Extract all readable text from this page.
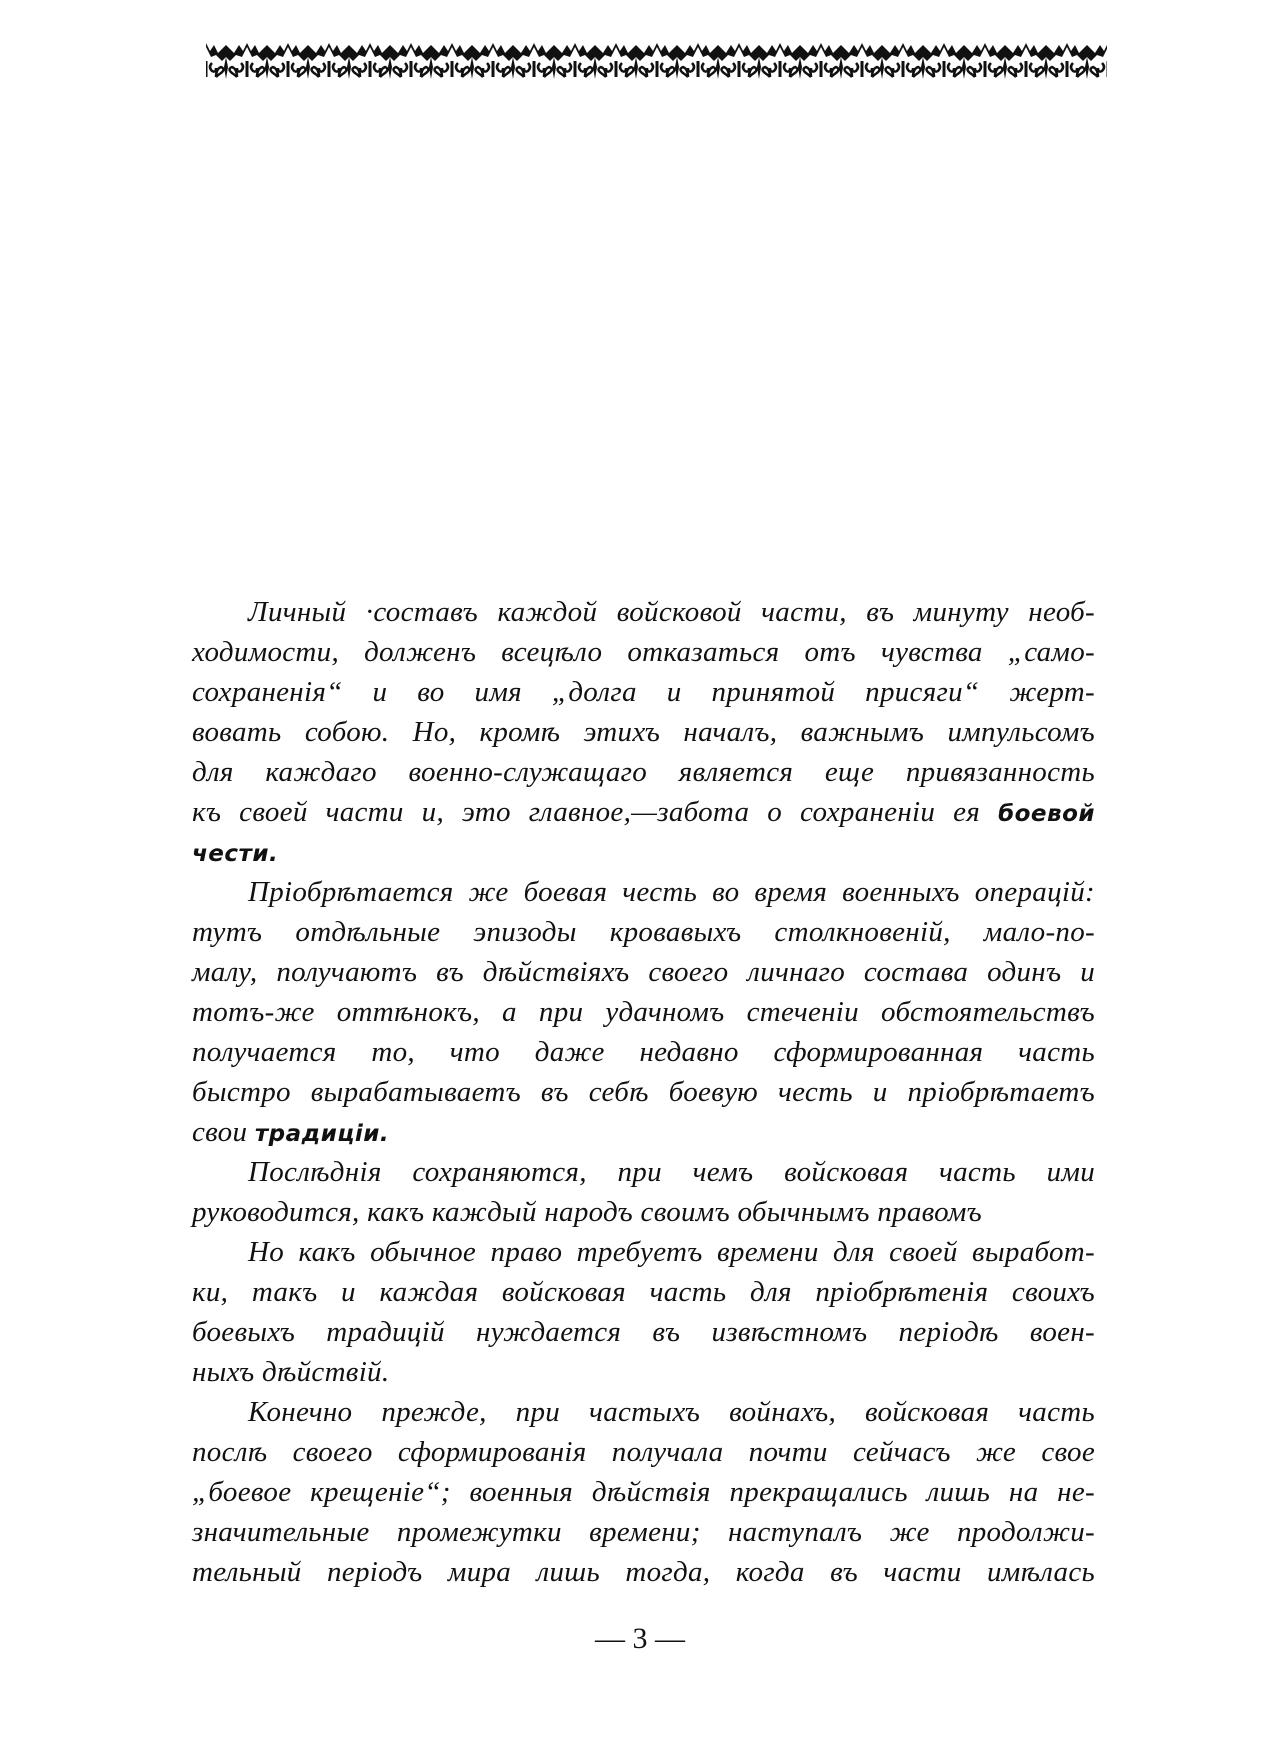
Личный ·составъ каждой войсковой части, въ минуту необ-
ходимости, долженъ всецѣло отказаться отъ чувства „само-
сохраненія“ и во имя „долга и принятой присяги“ жерт-
вовать собою. Но, кромѣ этихъ началъ, важнымъ импульсомъ
для каждаго военно-служащаго является еще привязанность
къ своей части и, это главное,—забота о сохраненіи ея боевой
чести.
Пріобрѣтается же боевая честь во время военныхъ операцій:
тутъ отдѣльные эпизоды кровавыхъ столкновеній, мало-по-
малу, получаютъ въ дѣйствіяхъ своего личнаго состава одинъ и
тотъ-же оттѣнокъ, а при удачномъ стеченіи обстоятельствъ
получается то, что даже недавно сформированная часть
быстро вырабатываетъ въ себѣ боевую честь и пріобрѣтаетъ
свои традиціи.
Послѣднія сохраняются, при чемъ войсковая часть ими
руководится, какъ каждый народъ своимъ обычнымъ правомъ
Но какъ обычное право требуетъ времени для своей выработ-
ки, такъ и каждая войсковая часть для пріобрѣтенія своихъ
боевыхъ традицій нуждается въ извѣстномъ періодѣ воен-
ныхъ дѣйствій.
Конечно прежде, при частыхъ войнахъ, войсковая часть
послѣ своего сформированія получала почти сейчасъ же свое
„боевое крещеніе“; военныя дѣйствія прекращались лишь на не-
значительные промежутки времени; наступалъ же продолжи-
тельный періодъ мира лишь тогда, когда въ части имѣлась
— 3 —
